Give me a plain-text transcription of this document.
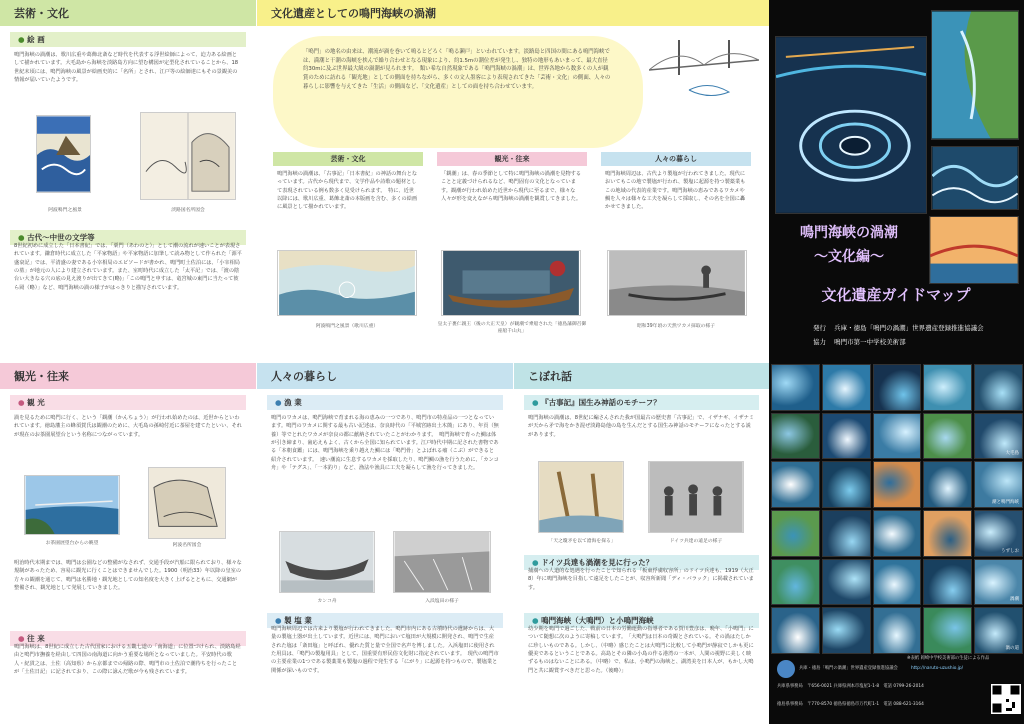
芸術・文化
● 絵 画
鳴門海峡の渦潮は、歌川広重や葛飾北斎など時代を代表する浮世絵師によって、迫力ある絵画として描かれています。大毛島から海峡を淡路島方向に望む構図が定型化されていることから、18世紀末頃には、鳴門海峡の風景が絵画史的に「名所」とされ、江戸等の絵師達にもその景観美の情報が届いていたようです。
阿波鳴門之風景	淡路国名所図会
● 古代～中世の文学等
8世紀初めに成立した「日本書紀」では、「粟門（あわのと）」として潮の流れが速いことが表現されています。鎌倉時代に成立した「平家物語」や平家物語に加筆して読み物として作られた「源平盛衰記」では、平清盛の妻である小宰相局のエピソードが書かれ、鳴門町土佐泊には、「小宰相局の墓」が地元の人により建立されています。また、室町時代に成立した「太平記」では、「渡の陰台い大きなる穴の底の見え渡りが出てきて(略)」「この鳴門と申すは、竜宮城の東門に当たって彼ら岡（略）」など、鳴門海峡の渦の様子がはっきりと描写されています。
文化遺産としての鳴門海峡の渦潮
「鳴門」の地名の由来は、潮流が渦を巻いて鳴るとどろく「鳴る瀬戸」といわれています。淡路島と四国の間にある鳴門海峡では、満潮と干潮の海峡を挟んで繰り合わせとなる現象により、約1.5mの潮位差が発生し、独特の地形もあいまって、最大直径約30mに及ぶ世界最大級の渦潮が見られます。　類い希な自然現象である「鳴門海峡の渦潮」は、世界各地から数多くの人が観賞のために訪れる「観光地」としての側面を持ちながら、多くの文人墨客により表現されてきた「芸術・文化」の側面、人々の暮らしに影響を与えてきた「生活」の側面など、「文化遺産」としての面を持ち合わせています。
芸術・文化
鳴門海峡の渦潮は、「古事記」「日本書紀」の神話の舞台となっています。古代から現代まで、文学作品や詩歌の題材として表現されている例も数多く見受けられます。　特に、近世以降には、歌川広重、葛飾北斎の本版画を含む、多くの絵画に風景として描かれています。
阿波鳴門之風景（歌川広重）
観光・往来
「観潮」は、春の季節として特に鳴門海峡の渦潮を見物することと定義づけられるなど、鳴門固有の文化となっています。観潮が行われ始めた近世から現代に至るまで、様々な人々が形を変えながら鳴門海峡の渦潮を観賞してきました。
皇太子裏仁親王（後の大正天皇）が観潮で乗船された「徳島藩御召御座船千山丸」
人々の暮らし
鳴門海峡周辺は、古代より製塩が行われてきました。現代においてもこの地で製塩が行われ、製塩に起源を持つ製薬業もこの地域の代表的産業です。鳴門海峡の恵みであるワカメや鯛を人々は様々な工夫を凝らして採取し、その名を全国に轟かせてきました。
昭和39年頃の天然ワカメ採取の様子
観光・往来
● 観 光
渦を見るために鳴門に行く、という「観潮（かんちょう）」が行われ始めたのは、近世からといわれています。徳島藩主の蜂須賀氏は観潮のために、大毛島の孫崎付近に茶屋を建てたといい、それが現在のお茶園展望台という名称につながっています。
お茶園展望台からの眺望	阿波名所図会
明治時代末期までは、鳴門は公園などの整備がなされず、交通手段が汽船に限られており、様々な規制があったため、容易に観光に行くことはできませんでした。1900（明治33）年以降の皇室の方々の観潮を通じて、鳴門は名勝地・観光地としての知名度を大きく上げるとともに、交通網が整備され、観光地として発展していきました。
● 往 来
鳴門海峡は、8世紀に成立した古代国家における五畿七道の「南海道」に位置づけられ、淡路島経由と鳴門市撫養を経由して四国の南海道に向かう重要な場所となっていました。平安時代の歌人・紀貫之は、土佐（高知県）から京都までの帰路の際、鳴門市の土佐泊で潮待ちを行ったことが「土佐日記」に記されており、この際に詠んだ歌が今も残されています。
人々の暮らし
● 漁 業
鳴門のワカメは、鳴門海峡で育まれる海の恵みの一つであり、鳴門市の特産品の一つとなっています。鳴門のワカメに関する最も古い記述は、奈良時代の「平城宮跡出土木簡」にあり、年貢（無養）等でとれたワカメが奈良の都に献納されていたことがわかります。　鳴門海峡で育った鯛は体が引き締まり、歯応えもよく、古くから全国に知られています。江戸時代中期に記された書物である「本朝食鑑」には、鳴門海峡を乗り越えた鯛には「鳴門骨」とよばれる瘤（こぶ）ができると紹介されています。　速い潮流に生息するワカメを採取したり、鳴門鯛の漁を行うために、「カンコ舟」や「テグス」、「一本釣り」など、漁法や漁具に工夫を凝らして漁を行ってきました。
カンコ舟	入浜塩田の様子
● 製 塩 業
鳴門海峡周辺では古来より製塩が行われてきました。鳴門市内にある古墳時代の遺跡からは、大量の製塩土器が出土しています。近世には、鳴門において塩田が大規模に開発され、鳴門で生産された塩は「斎田塩」と呼ばれ、優れた質と量で全国で名声を博しました。入浜塩田に使用された用具は、「鳴門の製塩用具」として、国重要有形民俗文化財に指定されています。　現代の鳴門市の主要産業の1つである製薬業も製塩の過程で発生する「にがり」に起源を持つもので、製塩業と関係が深いものです。
こぼれ話
● 『古事記』国生み神話のモチーフ？
鳴門海峡の渦潮は、8世紀に編さんされた我が国最古の歴史書「古事記」で、イザナギ、イザナミが天から矛で海をかき混ぜ淡路島他の島を生んだとする国生み神話のモチーフになったとする説があります。
「天之瓊矛を以て滄海を探る」	ドイツ兵達の遠足の様子
● ドイツ兵達も渦潮を見に行った？
捕虜への人道的な処遇を行ったことで知られる「板東俘虜収容所」のドイツ兵達も、1919（大正8）年に鳴門海峡を目指して遠足をしたことが、収容所新聞「ディ・バラック」に掲載されています。
● 鳴門海峡（大鳴門）と小鳴門海峡
幼少期を鳴門で過ごした、戦前の日本の労働運動の指導者である賀川豊彦は、晩年、「小鳴門」について随想に次のように寄稿しています。　「大鳴門は日本の奇観とされている。その渦はたしかに珍しいものである。しかし、（中略）感じたことは大鳴門に比較して小鳴門が静寂でしかも更に優美であるということである。高島とその隣の小島の作る港湾の一本が、人間の視野に美しく映ずるものはないことにある。（中略）で、私は、小鳴門の海峡と、湖湾美を日本人が、もかし大鳴門と共に観賞すべきだと思った。（後略）」
鳴門海峡の渦潮
～文化編～
文化遺産ガイドマップ
発行 兵庫・徳島「鳴門の渦潮」世界遺産登録推進協議会
協力 鳴門市第一中学校美術部
大毛島
潮と鳴門海峡
うずしお
渦潮
渦の道
※表紙 岡崎中学校美術部の生徒による作品
兵庫・徳島「鳴門の渦潮」世界遺産登録推進協議会	http://naruto-uzushio.jp/
兵庫県事務局　〒656-0021 兵庫県洲本市塩屋1-1-8　電話 0799-26-2014
徳島県事務局　〒770-8570 徳島県徳島市万代町1-1　電話 088-621-3164
